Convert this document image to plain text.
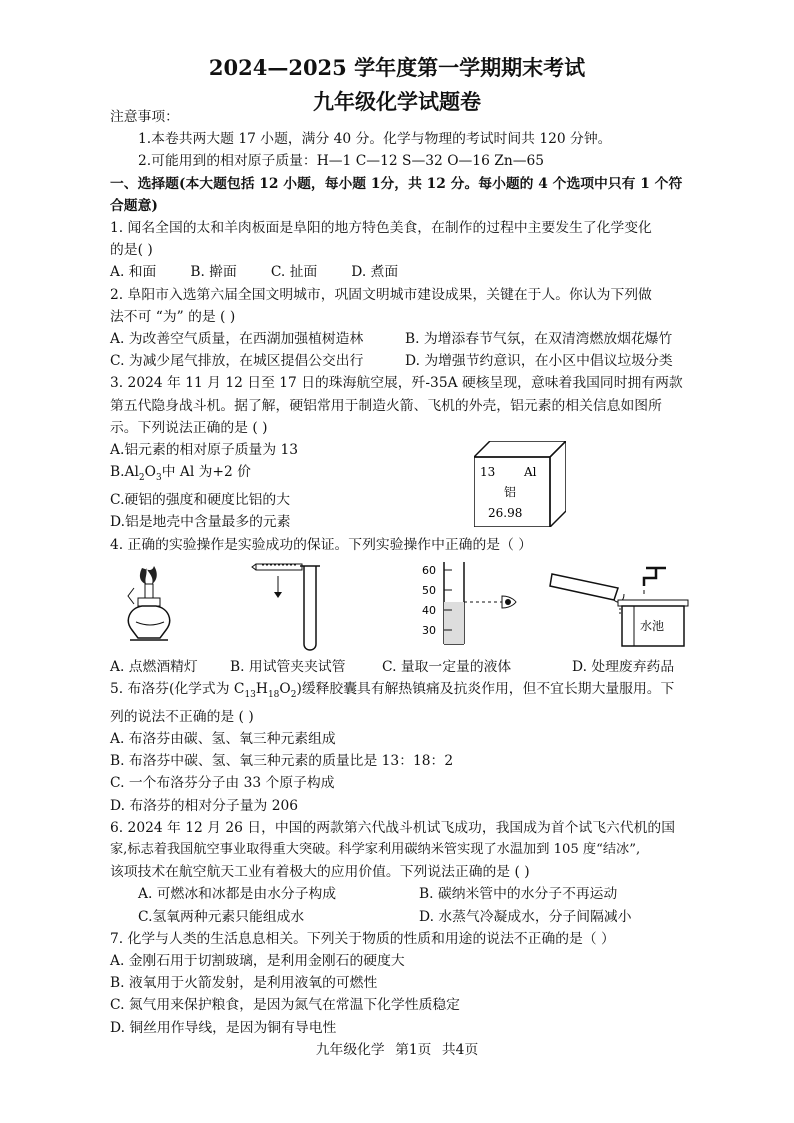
2024—2025 学年度第一学期期末考试
九年级化学试题卷
注意事项：
1.本卷共两大题 17 小题，满分 40 分。化学与物理的考试时间共 120 分钟。
2.可能用到的相对原子质量：H—1 C—12 S—32 O—16 Zn—65
一、选择题(本大题包括 12 小题，每小题 1分，共 12 分。每小题的 4 个选项中只有 1 个符
合题意)
1. 闻名全国的太和羊肉板面是阜阳的地方特色美食，在制作的过程中主要发生了化学变化
的是( )
A. 和面 B. 擀面 C. 扯面 D. 煮面
2. 阜阳市入选第六届全国文明城市，巩固文明城市建设成果，关键在于人。你认为下列做
法不可 “为” 的是 ( )
A. 为改善空气质量，在西湖加强植树造林	B. 为增添春节气氛，在双清湾燃放烟花爆竹
C. 为减少尾气排放，在城区提倡公交出行	D. 为增强节约意识，在小区中倡议垃圾分类
3. 2024 年 11 月 12 日至 17 日的珠海航空展，歼-35A 硬核呈现，意味着我国同时拥有两款
第五代隐身战斗机。据了解，硬铝常用于制造火箭、飞机的外壳，铝元素的相关信息如图所
示。下列说法正确的是 ( )
A.铝元素的相对原子质量为 13
$B.Al_2O_3$中 Al 为+2 价
C.硬铝的强度和硬度比铝的大
D.铝是地壳中含量最多的元素
13 Al
铝
26.98
4. 正确的实验操作是实验成功的保证。下列实验操作中正确的是（ ）
60
50
40
30	水池
A. 点燃酒精灯 B. 用试管夹夹试管	C. 量取一定量的液体	D. 处理废弃药品
5. 布洛芬(化学式为 $C_{13}H_{18}O_2$)缓释胶囊具有解热镇痛及抗炎作用，但不宜长期大量服用。下
列的说法不正确的是 ( )
A. 布洛芬由碳、氢、氧三种元素组成
B. 布洛芬中碳、氢、氧三种元素的质量比是 13：18：2
C. 一个布洛芬分子由 33 个原子构成
D. 布洛芬的相对分子量为 206
6. 2024 年 12 月 26 日，中国的两款第六代战斗机试飞成功，我国成为首个试飞六代机的国
家,标志着我国航空事业取得重大突破。科学家利用碳纳米管实现了水温加到 105 度“结冰”,
该项技术在航空航天工业有着极大的应用价值。下列说法正确的是 ( )
A. 可燃冰和冰都是由水分子构成	B. 碳纳米管中的水分子不再运动
C.氢氧两种元素只能组成水	D. 水蒸气冷凝成水，分子间隔减小
7. 化学与人类的生活息息相关。下列关于物质的性质和用途的说法不正确的是（ ）
A. 金刚石用于切割玻璃，是利用金刚石的硬度大
B. 液氧用于火箭发射，是利用液氧的可燃性
C. 氮气用来保护粮食，是因为氮气在常温下化学性质稳定
D. 铜丝用作导线，是因为铜有导电性
九年级化学 第1页 共4页
